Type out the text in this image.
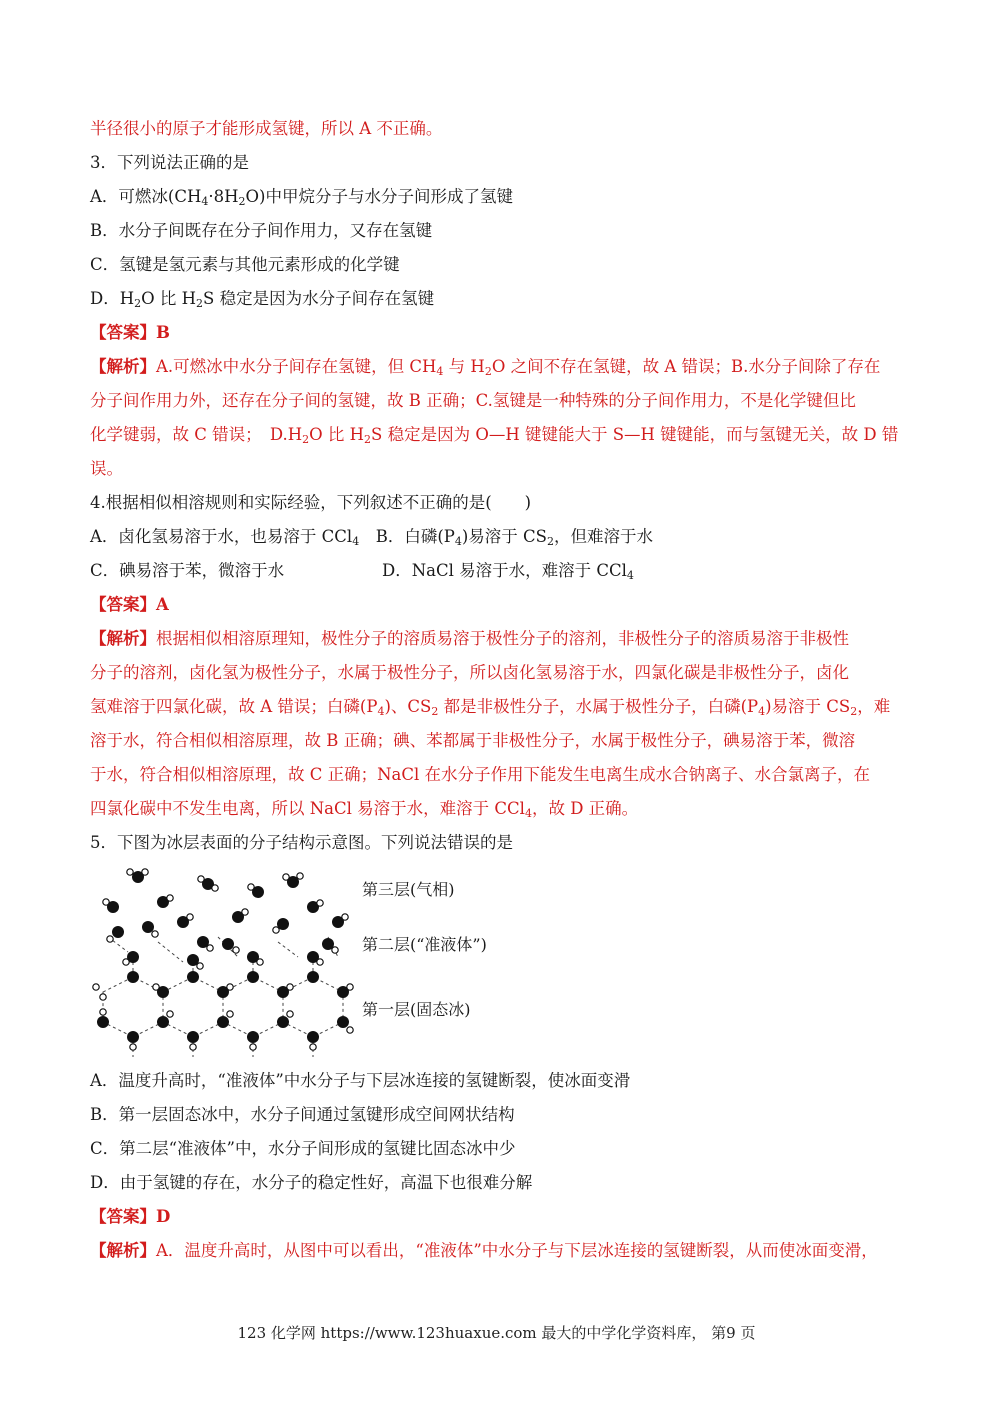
半径很小的原子才能形成氢键，所以 A 不正确。
3．下列说法正确的是
A．可燃冰$(CH_4\cdot 8H_2O)$中甲烷分子与水分子间形成了氢键
B．水分子间既存在分子间作用力，又存在氢键
C．氢键是氢元素与其他元素形成的化学键
D．$H_2O$ 比 $H_2S$ 稳定是因为水分子间存在氢键
【答案】B
【解析】A.可燃冰中水分子间存在氢键，但 $CH_4$ 与 $H_2O$ 之间不存在氢键，故 A 错误；B.水分子间除了存在
分子间作用力外，还存在分子间的氢键，故 B 正确；C.氢键是一种特殊的分子间作用力，不是化学键但比
化学键弱，故 C 错误；　$D.H_2O$ 比 $H_2S$ 稳定是因为 O—H 键键能大于 S—H 键键能，而与氢键无关，故 D 错
误。
4.根据相似相溶规则和实际经验，下列叙述不正确的是(　　)
A．卤化氢易溶于水，也易溶于 CCl$_4$　B．白磷$(P_4)$易溶于 $CS_2$，但难溶于水
C．碘易溶于苯，微溶于水	D．NaCl 易溶于水，难溶于 CCl$_4$
【答案】A
【解析】根据相似相溶原理知，极性分子的溶质易溶于极性分子的溶剂，非极性分子的溶质易溶于非极性
分子的溶剂，卤化氢为极性分子，水属于极性分子，所以卤化氢易溶于水，四氯化碳是非极性分子，卤化
氢难溶于四氯化碳，故 A 错误；白磷$(P_4)$、$CS_2$ 都是非极性分子，水属于极性分子，白磷$(P_4)$易溶于 $CS_2$，难
溶于水，符合相似相溶原理，故 B 正确；碘、苯都属于非极性分子，水属于极性分子，碘易溶于苯，微溶
于水，符合相似相溶原理，故 C 正确；NaCl 在水分子作用下能发生电离生成水合钠离子、水合氯离子，在
四氯化碳中不发生电离，所以 NaCl 易溶于水，难溶于 CCl$_4$，故 D 正确。
5．下图为冰层表面的分子结构示意图。下列说法错误的是
第三层(气相)
第二层(“准液体”)
第一层(固态冰)
A．温度升高时，“准液体”中水分子与下层冰连接的氢键断裂，使冰面变滑
B．第一层固态冰中，水分子间通过氢键形成空间网状结构
C．第二层“准液体”中，水分子间形成的氢键比固态冰中少
D．由于氢键的存在，水分子的稳定性好，高温下也很难分解
【答案】D
【解析】A．温度升高时，从图中可以看出，“准液体”中水分子与下层冰连接的氢键断裂，从而使冰面变滑，
123 化学网 https://www.123huaxue.com 最大的中学化学资料库， 第9 页
